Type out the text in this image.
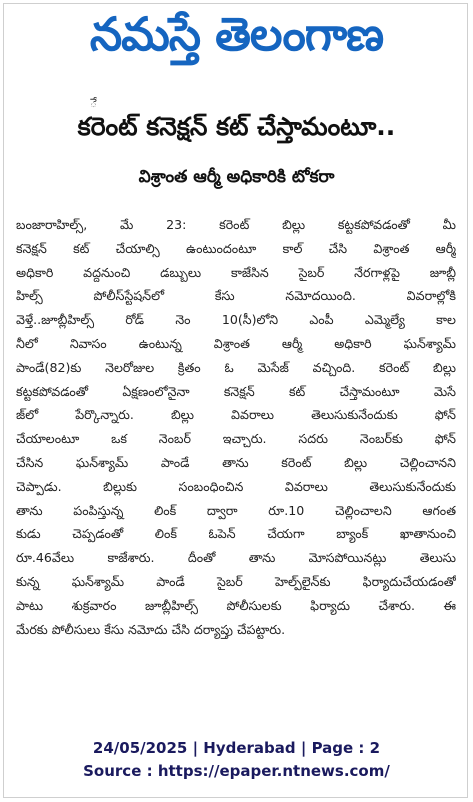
నమస్తే తెలంగాణ
ే
కరెంట్ కనెక్షన్ కట్ చేస్తామంటూ..
విశ్రాంత ఆర్మీ అధికారికి టోకరా
బంజారాహిల్స్, మే 23: కరెంట్ బిల్లు కట్టకపోవడంతో మీ
కనెక్షన్ కట్ చేయాల్సి ఉంటుందంటూ కాల్ చేసి విశ్రాంత ఆర్మీ
అధికారి వద్దనుంచి డబ్బులు కాజేసిన సైబర్ నేరగాళ్లపై జూబ్లీ
హిల్స్ పోలీస్‌స్టేషన్‌లో కేసు నమోదయింది. వివరాల్లోకి
వెళ్తే..జూబ్లీహిల్స్ రోడ్ నెం 10(సీ)లోని ఎంపీ ఎమ్మెల్యే కాల
నీలో నివాసం ఉంటున్న విశ్రాంత ఆర్మీ అధికారి ఘన్‌శ్యామ్
పాండే(82)కు నెలరోజుల క్రితం ఓ మెసేజ్ వచ్చింది. కరెంట్ బిల్లు
కట్టకపోవడంతో ఏక్షణంలోనైనా కనెక్షన్ కట్ చేస్తామంటూ మెసే
జ్‌లో పేర్కొన్నారు. బిల్లు వివరాలు తెలుసుకునేందుకు ఫోన్
చేయాలంటూ ఒక నెంబర్ ఇచ్చారు. సదరు నెంబర్‌కు ఫోన్
చేసిన ఘన్‌శ్యామ్ పాండే తాను కరెంట్ బిల్లు చెల్లించానని
చెప్పాడు. బిల్లుకు సంబంధించిన వివరాలు తెలుసుకునేందుకు
తాను పంపిస్తున్న లింక్ ద్వారా రూ.10 చెల్లించాలని ఆగంత
కుడు చెప్పడంతో లింక్ ఓపెన్ చేయగా బ్యాంక్ ఖాతానుంచి
రూ.46వేలు కాజేశారు. దీంతో తాను మోసపోయినట్లు తెలుసు
కున్న ఘన్‌శ్యామ్ పాండే సైబర్ హెల్ప్‌లైన్‌కు ఫిర్యాదుచేయడంతో
పాటు శుక్రవారం జూబ్లీహిల్స్ పోలీసులకు ఫిర్యాదు చేశారు. ఈ
మేరకు పోలీసులు కేసు నమోదు చేసి దర్యాప్తు చేపట్టారు.
24/05/2025 | Hyderabad | Page : 2
Source : https://epaper.ntnews.com/
